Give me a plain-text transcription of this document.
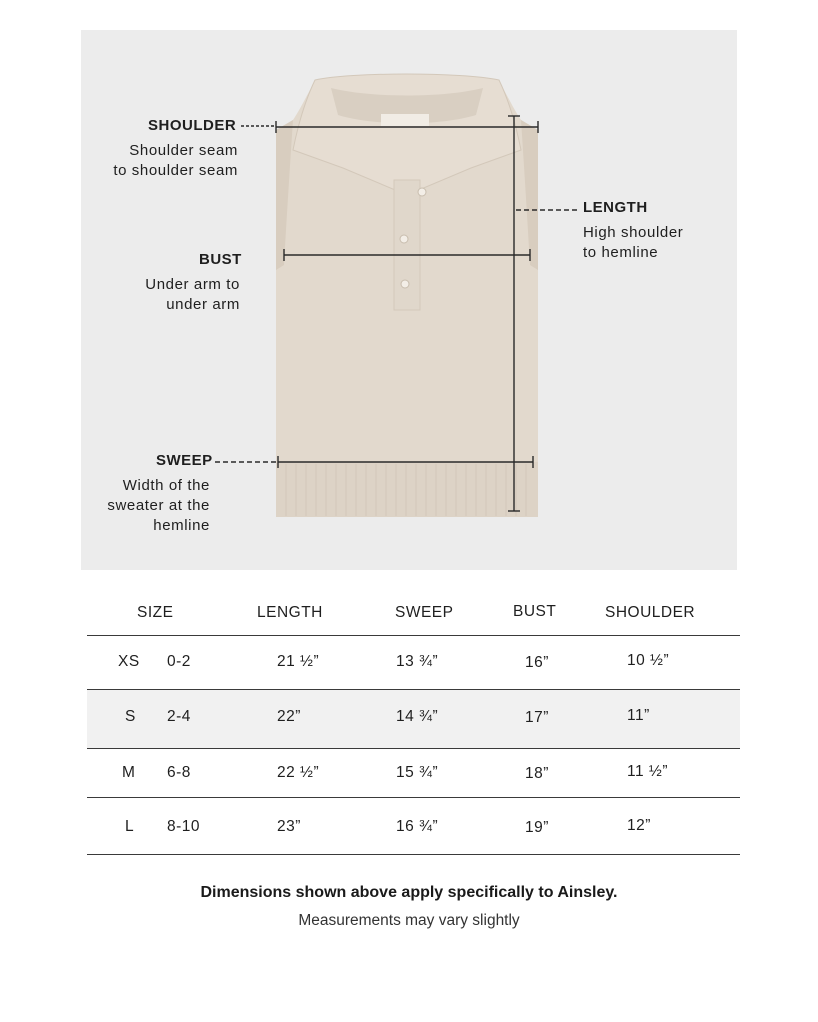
SHOULDER
Shoulder seam
to shoulder seam
BUST
Under arm to
under arm
SWEEP
Width of the
sweater at the
hemline
LENGTH
High shoulder
to hemline
SIZE	LENGTH	SWEEP	BUST	SHOULDER
XS 0-2	21 ½”	13 ¾”	16”	10 ½”
S 2-4	22”	14 ¾”	17”	11”
M 6-8	22 ½”	15 ¾”	18”	11 ½”
L 8-10	23”	16 ¾”	19”	12”
Dimensions shown above apply specifically to Ainsley.
Measurements may vary slightly
